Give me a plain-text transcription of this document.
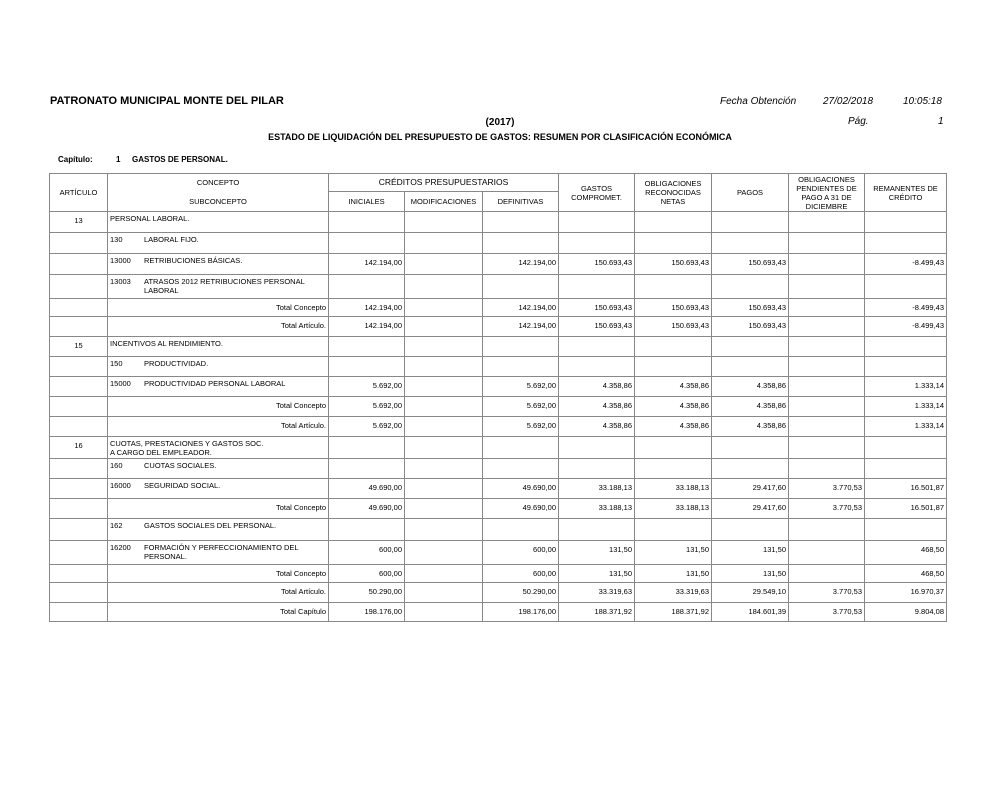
PATRONATO MUNICIPAL MONTE DEL PILAR	Fecha Obtención	27/02/2018	10:05:18
Pág.	1
(2017)
ESTADO DE LIQUIDACIÓN DEL PRESUPUESTO DE GASTOS: RESUMEN POR CLASIFICACIÓN ECONÓMICA
Capítulo:	1 GASTOS DE PERSONAL.
ARTÍCULO	CONCEPTO	CRÉDITOS PRESUPUESTARIOS			GASTOS COMPROMET.	OBLIGACIONES RECONOCIDAS NETAS	PAGOS	OBLIGACIONES PENDIENTES DE PAGO A 31 DE DICIEMBRE	REMANENTES DE CRÉDITO
	SUBCONCEPTO	INICIALES	MODIFICACIONES	DEFINITIVAS					
13	PERSONAL LABORAL.								

	130 LABORAL FIJO.								

	13000 RETRIBUCIONES BÁSICAS.	142.194,00		142.194,00	150.693,43	150.693,43	150.693,43		-8.499,43

	13003 ATRASOS 2012 RETRIBUCIONES PERSONAL LABORAL								

	Total Concepto	142.194,00		142.194,00	150.693,43	150.693,43	150.693,43		-8.499,43
	Total Artículo.	142.194,00		142.194,00	150.693,43	150.693,43	150.693,43		-8.499,43
15	INCENTIVOS AL RENDIMIENTO.								

	150 PRODUCTIVIDAD.								

	15000 PRODUCTIVIDAD PERSONAL LABORAL	5.692,00		5.692,00	4.358,86	4.358,86	4.358,86		1.333,14
	Total Concepto	5.692,00		5.692,00	4.358,86	4.358,86	4.358,86		1.333,14
	Total Artículo.	5.692,00		5.692,00	4.358,86	4.358,86	4.358,86		1.333,14
16	CUOTAS, PRESTACIONES Y GASTOS SOC. A CARGO DEL EMPLEADOR.								

	160 CUOTAS SOCIALES.								

	16000 SEGURIDAD SOCIAL.	49.690,00		49.690,00	33.188,13	33.188,13	29.417,60	3.770,53	16.501,87
	Total Concepto	49.690,00		49.690,00	33.188,13	33.188,13	29.417,60	3.770,53	16.501,87

	162 GASTOS SOCIALES DEL PERSONAL.								

	16200 FORMACIÓN Y PERFECCIONAMIENTO DEL PERSONAL.	600,00		600,00	131,50	131,50	131,50		468,50
	Total Concepto	600,00		600,00	131,50	131,50	131,50		468,50
	Total Artículo.	50.290,00		50.290,00	33.319,63	33.319,63	29.549,10	3.770,53	16.970,37
	Total Capítulo	198.176,00		198.176,00	188.371,92	188.371,92	184.601,39	3.770,53	9.804,08
